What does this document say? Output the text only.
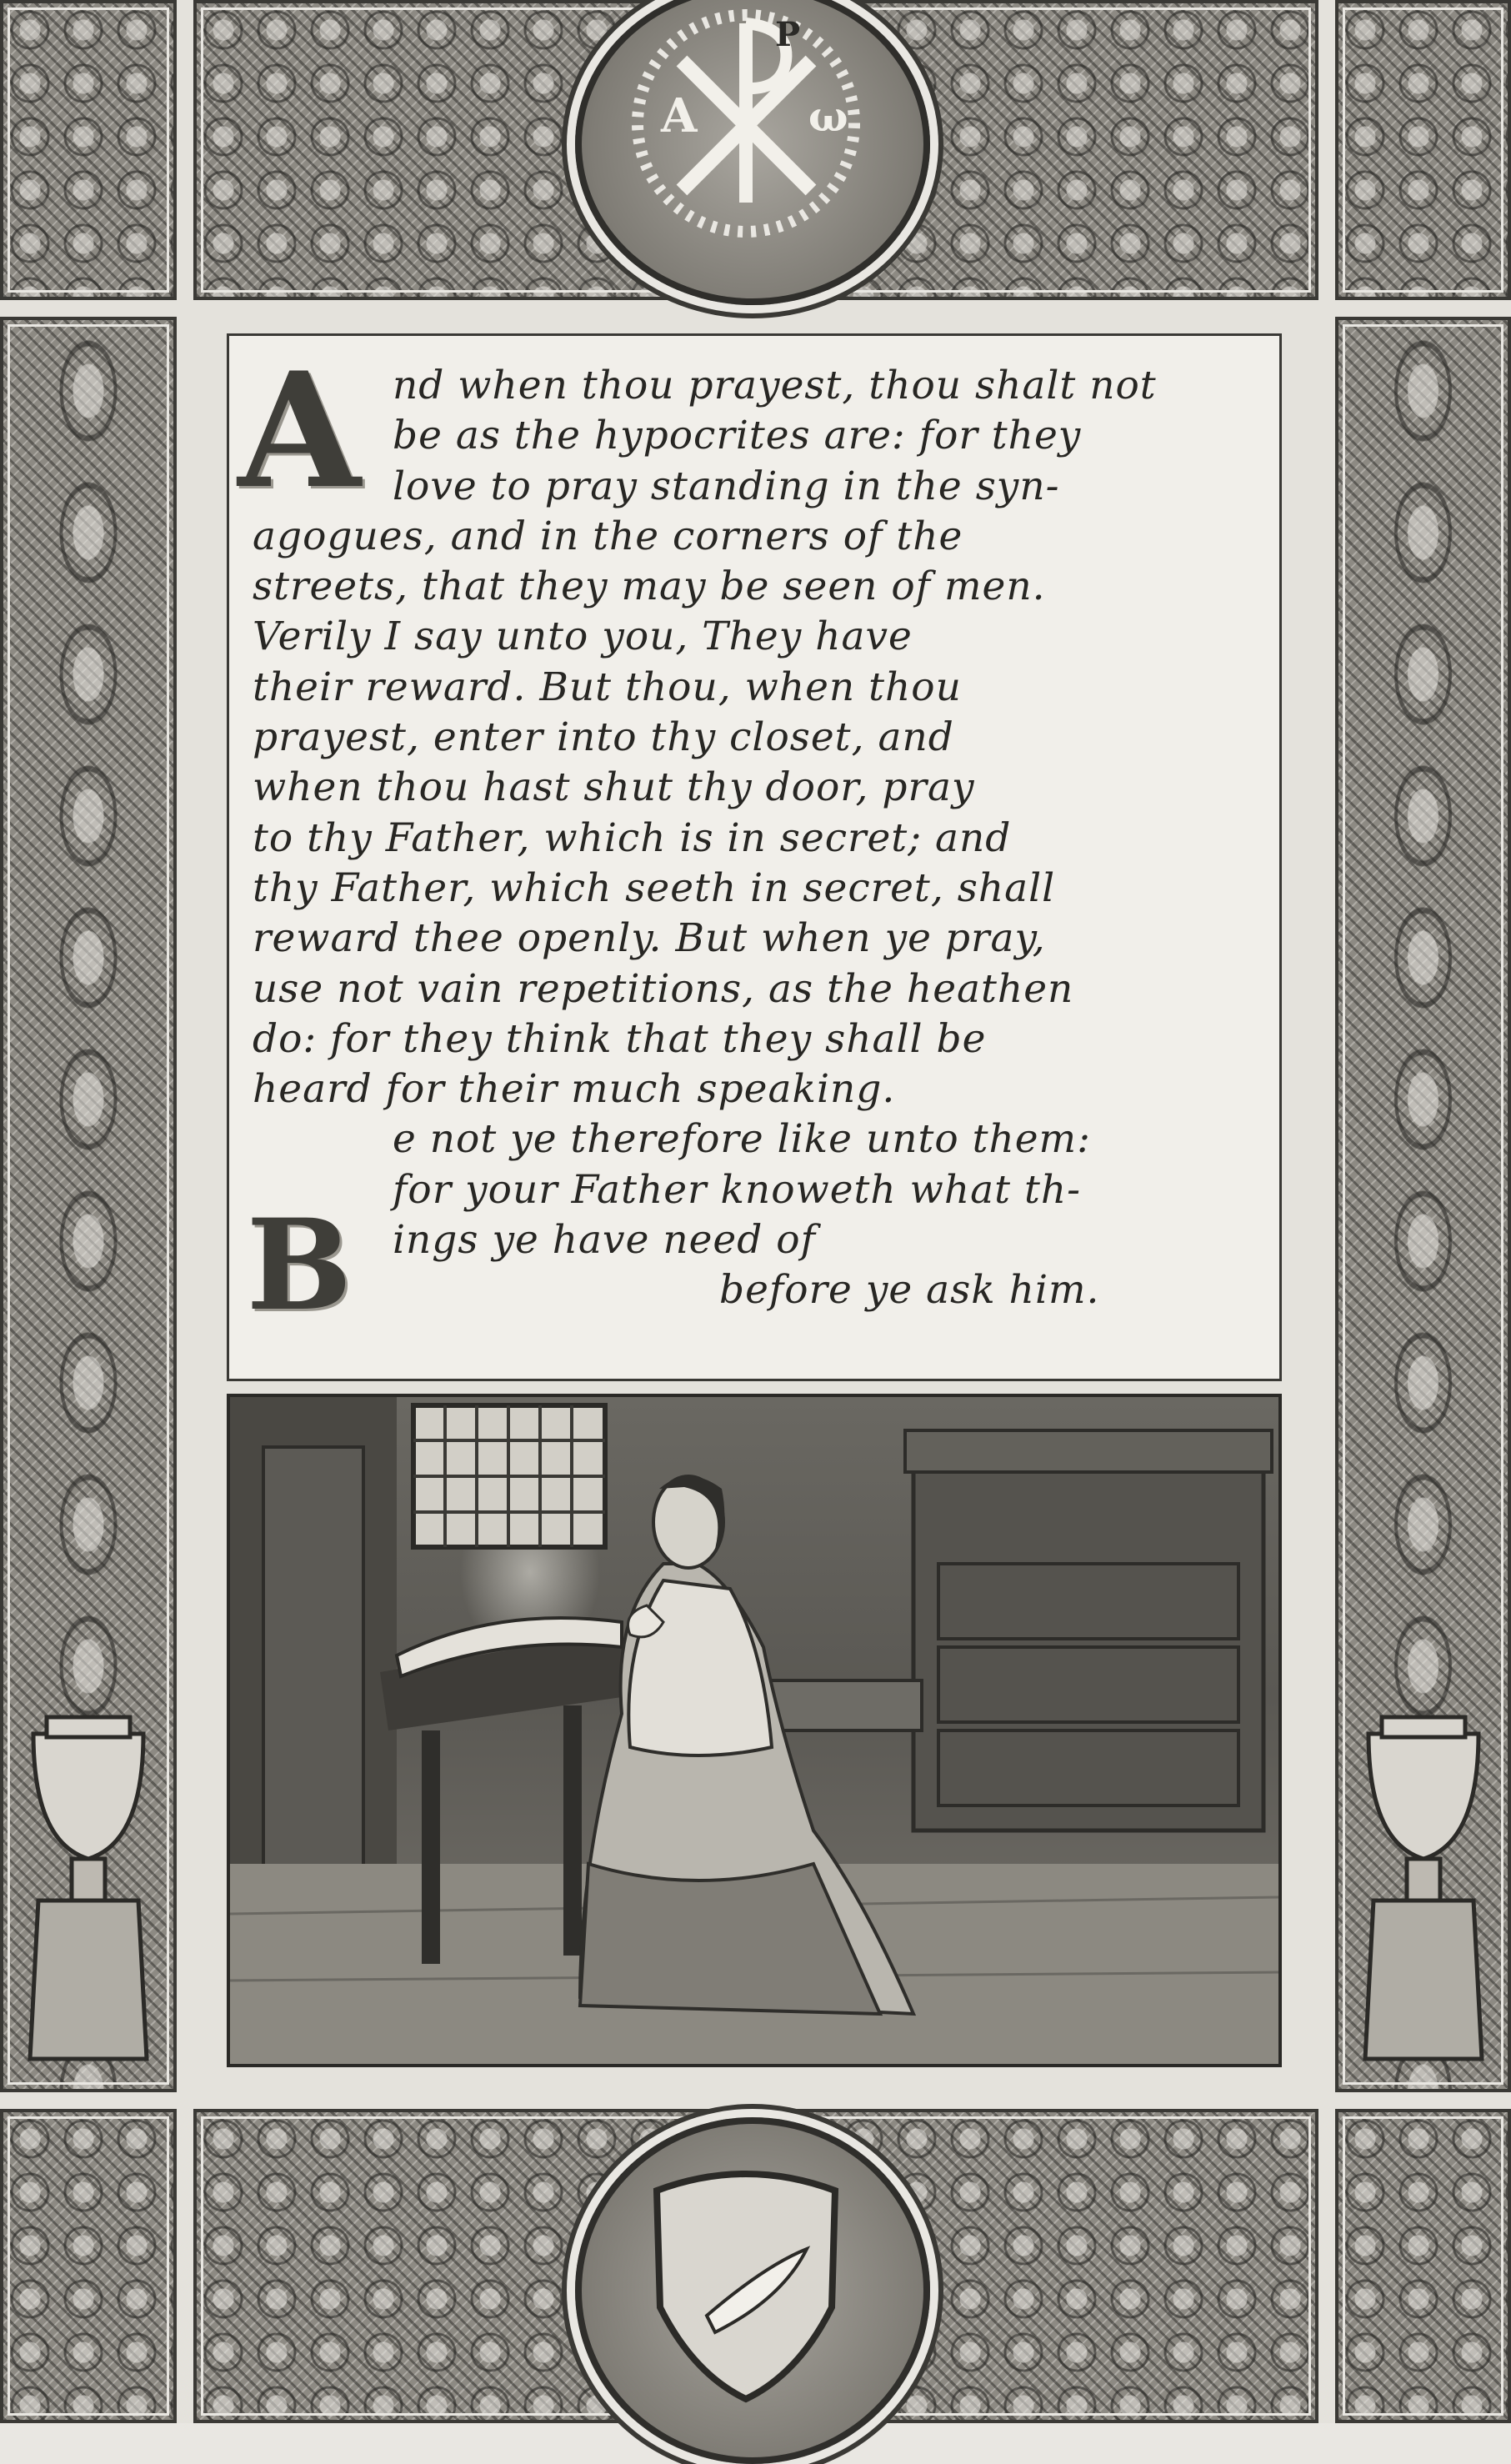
A
P
ω
A
B
nd when thou prayest, thou shalt not
be as the hypocrites are: for they
love to pray standing in the syn-
agogues, and in the corners of the
streets, that they may be seen of men.
Verily I say unto you, They have
their reward. But thou, when thou
prayest, enter into thy closet, and
when thou hast shut thy door, pray
to thy Father, which is in secret; and
thy Father, which seeth in secret, shall
reward thee openly. But when ye pray,
use not vain repetitions, as the heathen
do: for they think that they shall be
heard for their much speaking.
e not ye therefore like unto them:
for your Father knoweth what th-
ings ye have need of
before ye ask him.
